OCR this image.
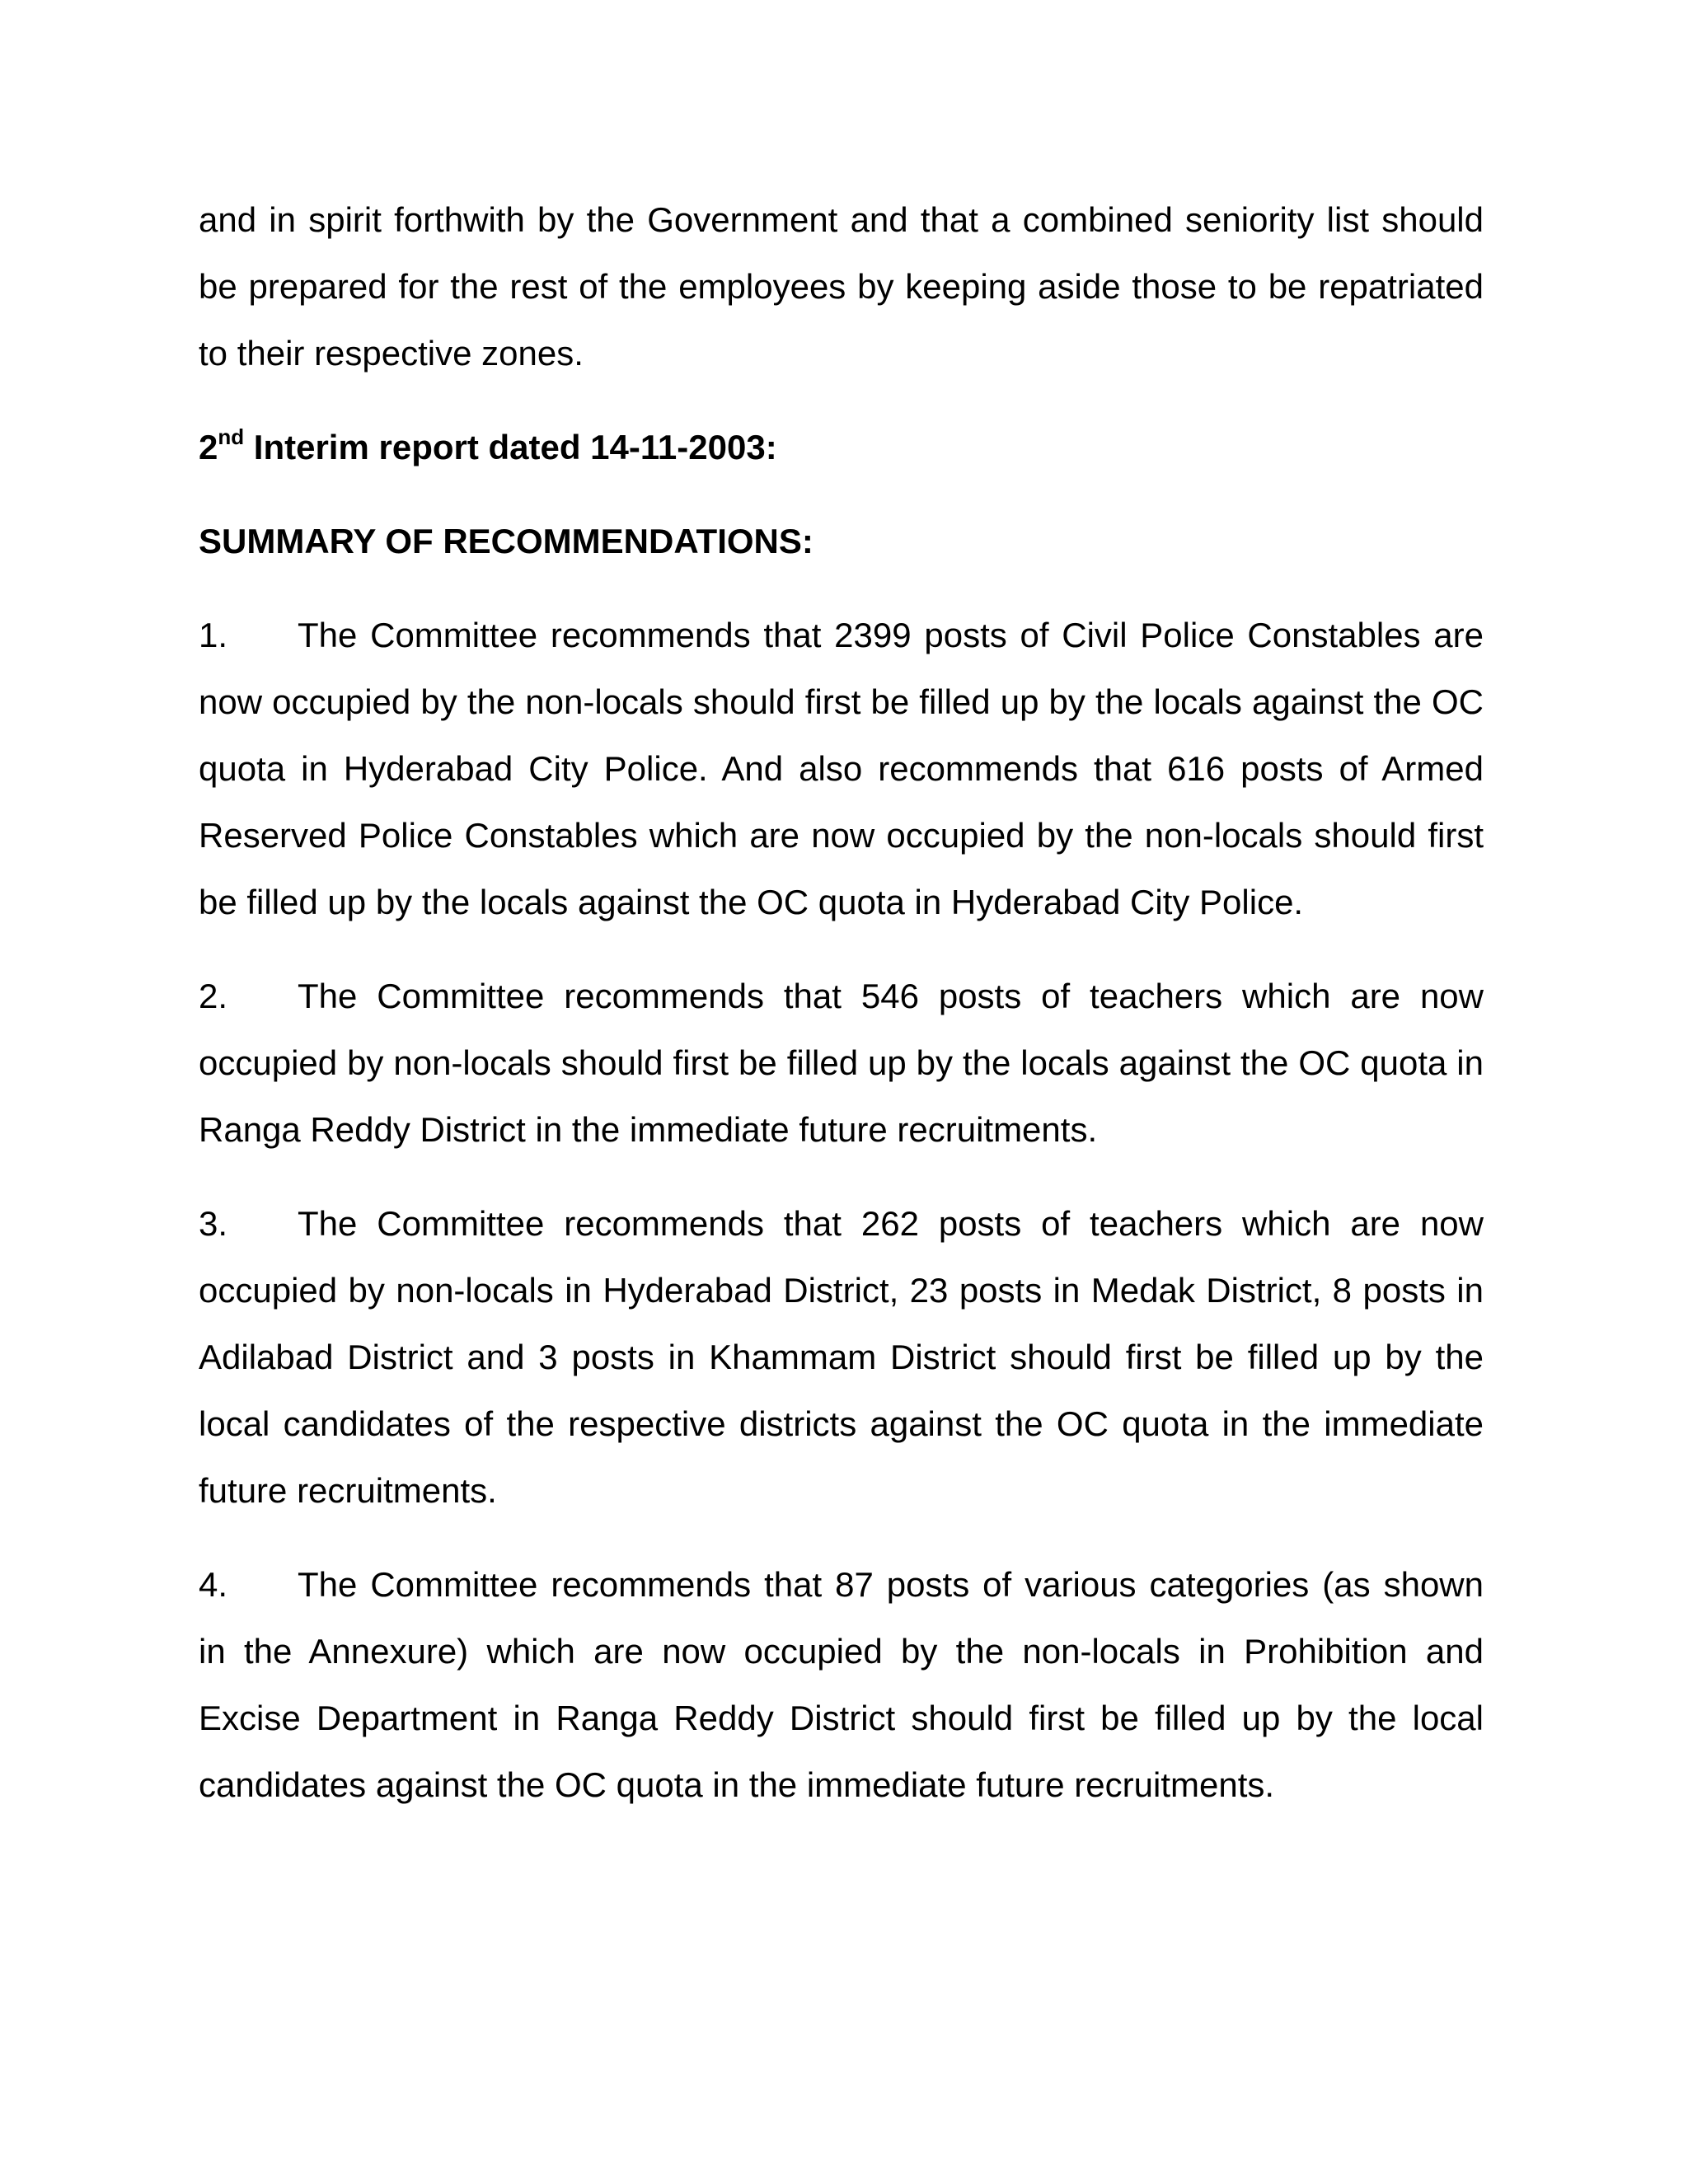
and in spirit forthwith by the Government and that a combined seniority list should be prepared for the rest of the employees by keeping aside those to be repatriated to their respective zones.

2nd Interim report dated 14-11-2003:

SUMMARY OF RECOMMENDATIONS:

1. The Committee recommends that 2399 posts of Civil Police Constables are now occupied by the non-locals should first be filled up by the locals against the OC quota in Hyderabad City Police. And also recommends that 616 posts of Armed Reserved Police Constables which are now occupied by the non-locals should first be filled up by the locals against the OC quota in Hyderabad City Police.

2. The Committee recommends that 546 posts of teachers which are now occupied by non-locals should first be filled up by the locals against the OC quota in Ranga Reddy District in the immediate future recruitments.

3. The Committee recommends that 262 posts of teachers which are now occupied by non-locals in Hyderabad District, 23 posts in Medak District, 8 posts in Adilabad District and 3 posts in Khammam District should first be filled up by the local candidates of the respective districts against the OC quota in the immediate future recruitments.

4. The Committee recommends that 87 posts of various categories (as shown in the Annexure) which are now occupied by the non-locals in Prohibition and Excise Department in Ranga Reddy District should first be filled up by the local candidates against the OC quota in the immediate future recruitments.
